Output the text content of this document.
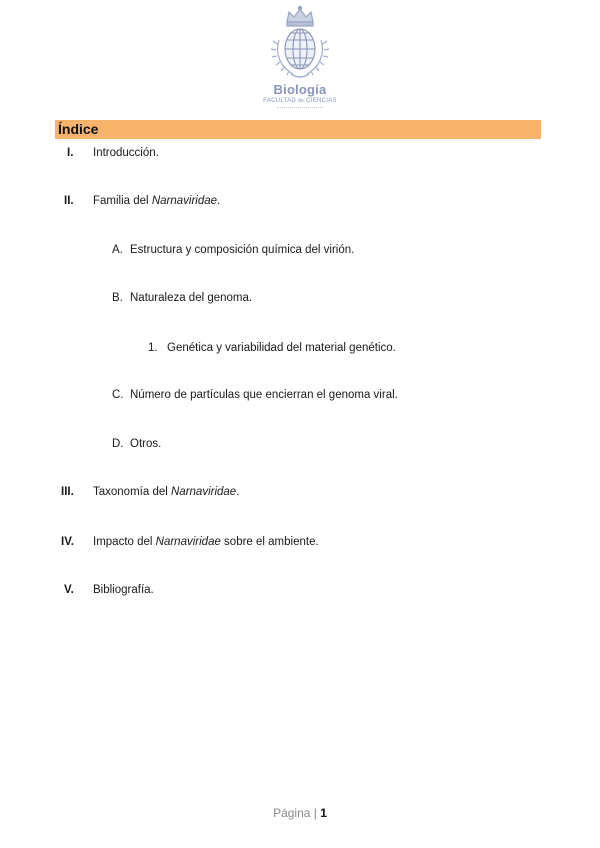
Biología
FACULTAD de CIENCIAS
Índice
I. Introducción.
II. Familia del Narnaviridae.
A. Estructura y composición química del virión.
B. Naturaleza del genoma.
1. Genética y variabilidad del material genético.
C. Número de partículas que encierran el genoma viral.
D. Otros.
III. Taxonomía del Narnaviridae.
IV. Impacto del Narnaviridae sobre el ambiente.
V. Bibliografía.
Página | 1
